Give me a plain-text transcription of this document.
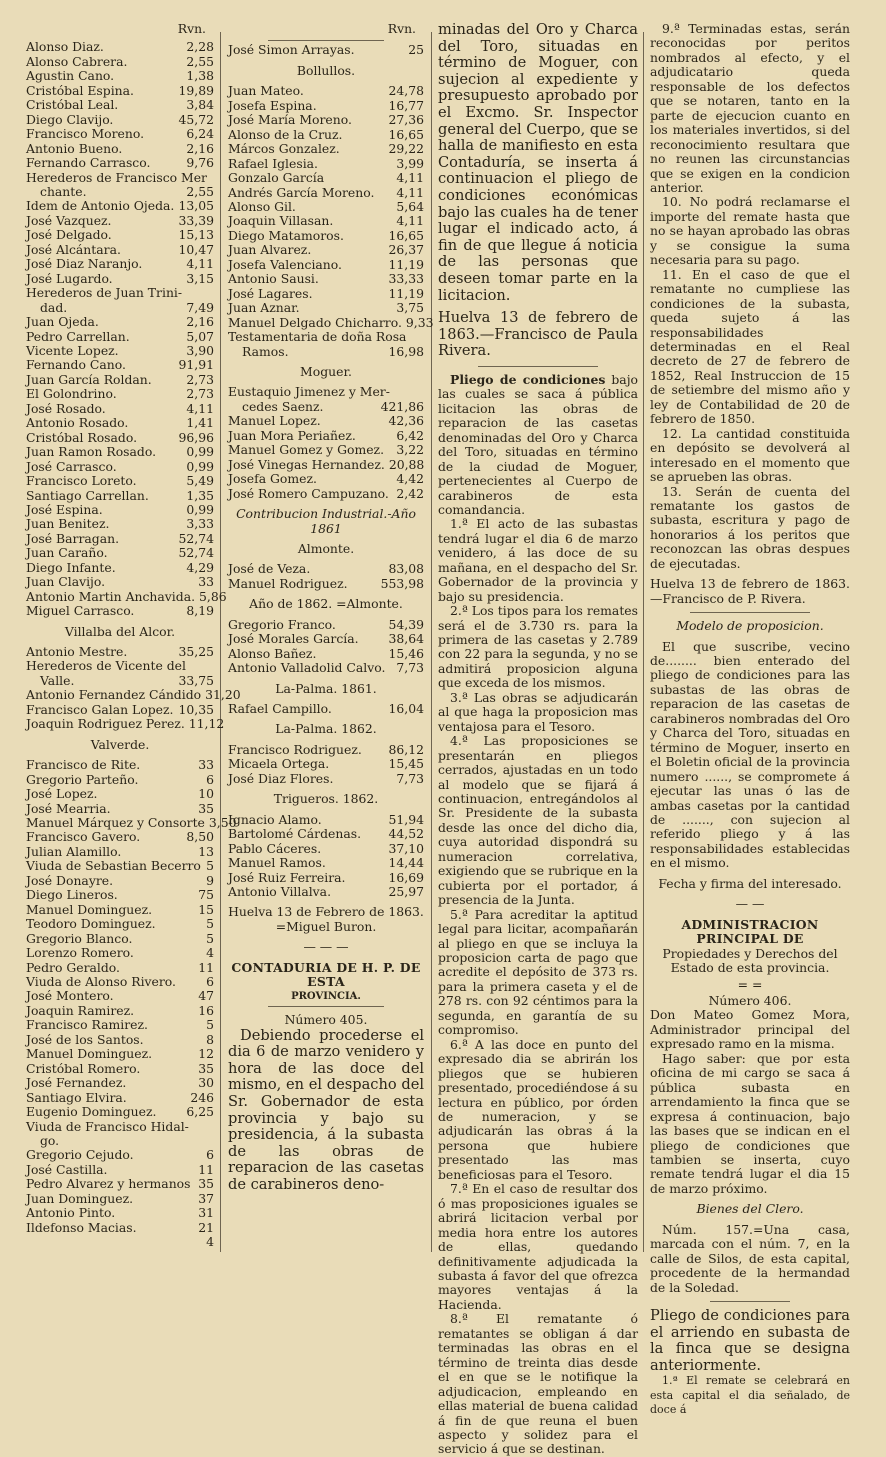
Rvn.
Alonso Diaz.	2,28
Alonso Cabrera.	2,55
Agustin Cano.	1,38
Cristóbal Espina.	19,89
Cristóbal Leal.	3,84
Diego Clavijo.	45,72
Francisco Moreno.	6,24
Antonio Bueno.	2,16
Fernando Carrasco.	9,76
Herederos de Francisco Mer
chante.	2,55
Idem de Antonio Ojeda. 13,05
José Vazquez.	33,39
José Delgado.	15,13
José Alcántara.	10,47
José Diaz Naranjo.	4,11
José Lugardo.	3,15
Herederos de Juan Trini-
dad.	7,49
Juan Ojeda.	2,16
Pedro Carrellan.	5,07
Vicente Lopez.	3,90
Fernando Cano.	91,91
Juan García Roldan.	2,73
El Golondrino.	2,73
José Rosado.	4,11
Antonio Rosado.	1,41
Cristóbal Rosado.	96,96
Juan Ramon Rosado.	0,99
José Carrasco.	0,99
Francisco Loreto.	5,49
Santiago Carrellan.	1,35
José Espina.	0,99
Juan Benitez.	3,33
José Barragan.	52,74
Juan Caraño.	52,74
Diego Infante.	4,29
Juan Clavijo.	33
Antonio Martin Anchavida. 5,86
Miguel Carrasco.	8,19
Villalba del Alcor.
Antonio Mestre.	35,25
Herederos de Vicente del
Valle.	33,75
Antonio Fernandez Cándido 31,20
Francisco Galan Lopez. 10,35
Joaquin Rodriguez Perez. 11,12
Valverde.
Francisco de Rite.	33
Gregorio Parteño.	6
José Lopez.	10
José Mearria.	35
Manuel Márquez y Consorte 3,50
Francisco Gavero.	8,50
Julian Alamillo.	13
Viuda de Sebastian Becerro 5
José Donayre.	9
Diego Lineros.	75
Manuel Dominguez.	15
Teodoro Dominguez.	5
Gregorio Blanco.	5
Lorenzo Romero.	4
Pedro Geraldo.	11
Viuda de Alonso Rivero.	6
José Montero.	47
Joaquin Ramirez.	16
Francisco Ramirez.	5
José de los Santos.	8
Manuel Dominguez.	12
Cristóbal Romero.	35
José Fernandez.	30
Santiago Elvira.	246
Eugenio Dominguez.	6,25
Viuda de Francisco Hidal-
go.
Gregorio Cejudo.	6
José Castilla.	11
Pedro Alvarez y hermanos 35
Juan Dominguez.	37
Antonio Pinto.	31
Ildefonso Macias.	21
4
Rvn.
José Simon Arrayas.	25
Bollullos.
Juan Mateo.	24,78
Josefa Espina.	16,77
José María Moreno.	27,36
Alonso de la Cruz.	16,65
Márcos Gonzalez.	29,22
Rafael Iglesia.	3,99
Gonzalo García	4,11
Andrés García Moreno.	4,11
Alonso Gil.	5,64
Joaquin Villasan.	4,11
Diego Matamoros.	16,65
Juan Alvarez.	26,37
Josefa Valenciano.	11,19
Antonio Sausi.	33,33
José Lagares.	11,19
Juan Aznar.	3,75
Manuel Delgado Chicharro. 9,33
Testamentaria de doña Rosa
Ramos.	16,98
Moguer.
Eustaquio Jimenez y Mer-
cedes Saenz.	421,86
Manuel Lopez.	42,36
Juan Mora Periañez.	6,42
Manuel Gomez y Gomez. 3,22
José Vinegas Hernandez. 20,88
Josefa Gomez.	4,42
José Romero Campuzano. 2,42
Contribucion Industrial.-Año 1861
Almonte.
José de Veza.	83,08
Manuel Rodriguez.	553,98
Año de 1862. =Almonte.
Gregorio Franco.	54,39
José Morales García.	38,64
Alonso Bañez.	15,46
Antonio Valladolid Calvo. 7,73
La-Palma. 1861.
Rafael Campillo.	16,04
La-Palma. 1862.
Francisco Rodriguez.	86,12
Micaela Ortega.	15,45
José Diaz Flores.	7,73
Trigueros. 1862.
Ignacio Alamo.	51,94
Bartolomé Cárdenas.	44,52
Pablo Cáceres.	37,10
Manuel Ramos.	14,44
José Ruiz Ferreira.	16,69
Antonio Villalva.	25,97
Huelva 13 de Febrero de 1863. =Miguel Buron.
— — —
CONTADURIA DE H. P. DE ESTA
PROVINCIA.
Número 405.

Debiendo procederse el dia 6 de marzo venidero y hora de las doce del mismo, en el despacho del Sr. Gobernador de esta provincia y bajo su presidencia, á la subasta de las obras de reparacion de las casetas de carabineros deno-

minadas del Oro y Charca del Toro, situadas en término de Moguer, con sujecion al expediente y presupuesto aprobado por el Excmo. Sr. Inspector general del Cuerpo, que se halla de manifiesto en esta Contaduría, se inserta á continuacion el pliego de condiciones económicas bajo las cuales ha de tener lugar el indicado acto, á fin de que llegue á noticia de las personas que deseen tomar parte en la licitacion.

Huelva 13 de febrero de 1863.—Francisco de Paula Rivera.

Pliego de condiciones bajo las cuales se saca á pública licitacion las obras de reparacion de las casetas denominadas del Oro y Charca del Toro, situadas en término de la ciudad de Moguer, pertenecientes al Cuerpo de carabineros de esta comandancia.

1.ª El acto de las subastas tendrá lugar el dia 6 de marzo venidero, á las doce de su mañana, en el despacho del Sr. Gobernador de la provincia y bajo su presidencia.

2.ª Los tipos para los remates será el de 3.730 rs. para la primera de las casetas y 2.789 con 22 para la segunda, y no se admitirá proposicion alguna que exceda de los mismos.

3.ª Las obras se adjudicarán al que haga la proposicion mas ventajosa para el Tesoro.

4.ª Las proposiciones se presentarán en pliegos cerrados, ajustadas en un todo al modelo que se fijará á continuacion, entregándolos al Sr. Presidente de la subasta desde las once del dicho dia, cuya autoridad dispondrá su numeracion correlativa, exigiendo que se rubrique en la cubierta por el portador, á presencia de la Junta.

5.ª Para acreditar la aptitud legal para licitar, acompañarán al pliego en que se incluya la proposicion carta de pago que acredite el depósito de 373 rs. para la primera caseta y el de 278 rs. con 92 céntimos para la segunda, en garantía de su compromiso.

6.ª A las doce en punto del expresado dia se abrirán los pliegos que se hubieren presentado, procediéndose á su lectura en público, por órden de numeracion, y se adjudicarán las obras á la persona que hubiere presentado las mas beneficiosas para el Tesoro.

7.ª En el caso de resultar dos ó mas proposiciones iguales se abrirá licitacion verbal por media hora entre los autores de ellas, quedando definitivamente adjudicada la subasta á favor del que ofrezca mayores ventajas á la Hacienda.

8.ª El rematante ó rematantes se obligan á dar terminadas las obras en el término de treinta dias desde el en que se le notifique la adjudicacion, empleando en ellas material de buena calidad á fin de que reuna el buen aspecto y solidez para el servicio á que se destinan.

9.ª Terminadas estas, serán reconocidas por peritos nombrados al efecto, y el adjudicatario queda responsable de los defectos que se notaren, tanto en la parte de ejecucion cuanto en los materiales invertidos, si del reconocimiento resultara que no reunen las circunstancias que se exigen en la condicion anterior.

10. No podrá reclamarse el importe del remate hasta que no se hayan aprobado las obras y se consigue la suma necesaria para su pago.

11. En el caso de que el rematante no cumpliese las condiciones de la subasta, queda sujeto á las responsabilidades determinadas en el Real decreto de 27 de febrero de 1852, Real Instruccion de 15 de setiembre del mismo año y ley de Contabilidad de 20 de febrero de 1850.

12. La cantidad constituida en depósito se devolverá al interesado en el momento que se aprueben las obras.

13. Serán de cuenta del rematante los gastos de subasta, escritura y pago de honorarios á los peritos que reconozcan las obras despues de ejecutadas.

Huelva 13 de febrero de 1863. —Francisco de P. Rivera.
Modelo de proposicion.

El que suscribe, vecino de........ bien enterado del pliego de condiciones para las subastas de las obras de reparacion de las casetas de carabineros nombradas del Oro y Charca del Toro, situadas en término de Moguer, inserto en el Boletin oficial de la provincia numero ......, se compromete á ejecutar las unas ó las de ambas casetas por la cantidad de ......., con sujecion al referido pliego y á las responsabilidades establecidas en el mismo.

Fecha y firma del interesado.
— —
ADMINISTRACION PRINCIPAL DE
Propiedades y Derechos del Estado de esta provincia.
= =
Número 406.

Don Mateo Gomez Mora, Administrador principal del expresado ramo en la misma.

Hago saber: que por esta oficina de mi cargo se saca á pública subasta en arrendamiento la finca que se expresa á continuacion, bajo las bases que se indican en el pliego de condiciones que tambien se inserta, cuyo remate tendrá lugar el dia 15 de marzo próximo.

Bienes del Clero.

Núm. 157.=Una casa, marcada con el núm. 7, en la calle de Silos, de esta capital, procedente de la hermandad de la Soledad.

Pliego de condiciones para el arriendo en subasta de la finca que se designa anteriormente.

1.ª El remate se celebrará en esta capital el dia señalado, de doce á
